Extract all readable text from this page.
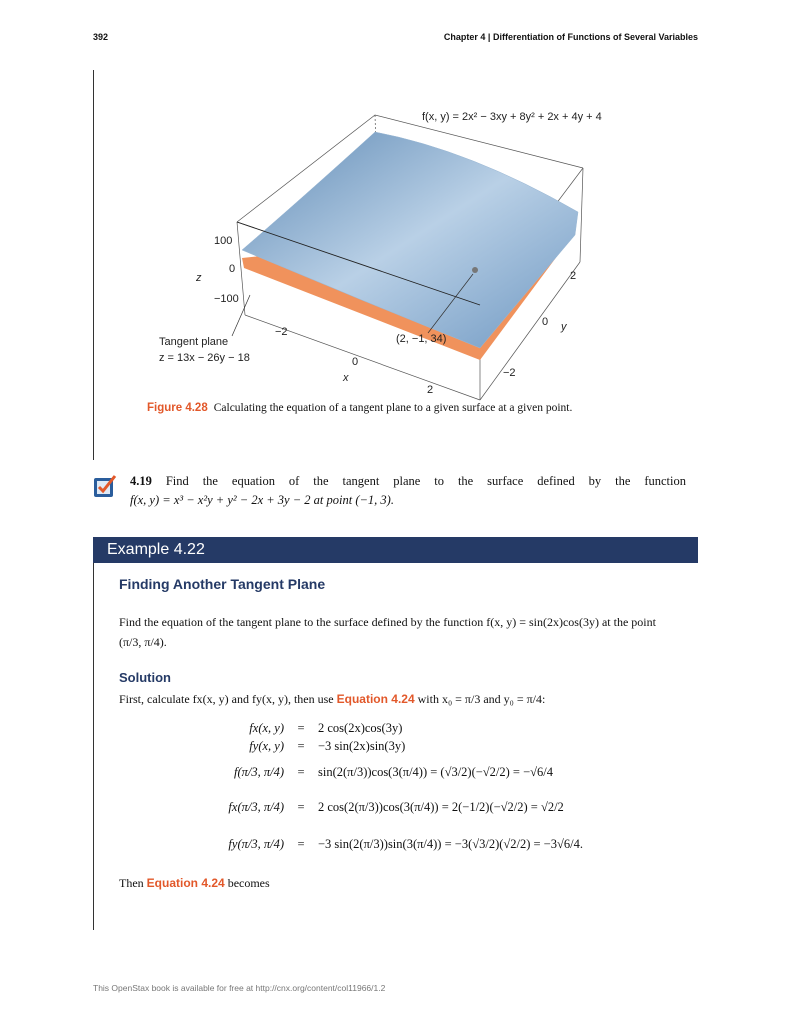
392	Chapter 4 | Differentiation of Functions of Several Variables
f(x, y) = 2x² − 3xy + 8y² + 2x + 4y + 4
100
0
−100
z
−2
0
2
x
2
0
−2
y
Tangent plane
z = 13x − 26y − 18
(2, −1, 34)
Figure 4.28 Calculating the equation of a tangent plane to a given surface at a given point.
4.19 Find the equation of the tangent plane to the surface defined by the function
f(x, y) = x³ − x²y + y² − 2x + 3y − 2 at point (−1, 3).
Example 4.22
Finding Another Tangent Plane
Find the equation of the tangent plane to the surface defined by the function f(x, y) = sin(2x)cos(3y) at the point
(π/3, π/4).
Solution
First, calculate fx(x, y) and fy(x, y), then use Equation 4.24 with x₀ = π/3 and y₀ = π/4:
fx(x, y)	=	2 cos(2x)cos(3y)
fy(x, y)	=	−3 sin(2x)sin(3y)
f(π/3, π/4)	=	sin(2(π/3))cos(3(π/4)) = (√3/2)(−√2/2) = −√6/4
fx(π/3, π/4)	=	2 cos(2(π/3))cos(3(π/4)) = 2(−1/2)(−√2/2) = √2/2
fy(π/3, π/4)	=	−3 sin(2(π/3))sin(3(π/4)) = −3(√3/2)(√2/2) = −3√6/4.
Then Equation 4.24 becomes
This OpenStax book is available for free at http://cnx.org/content/col11966/1.2
